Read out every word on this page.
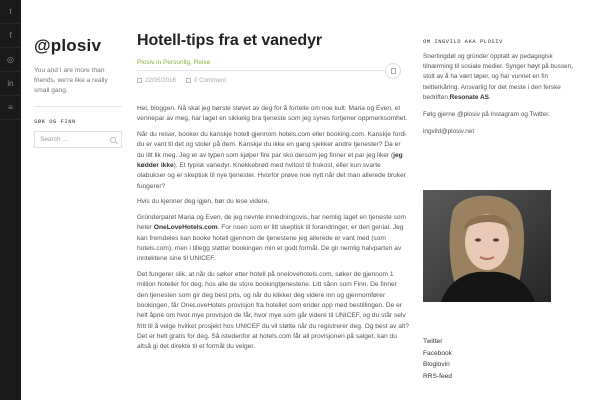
t
f
◎
in
≡
@plosiv
You and I are more than friends, we're like a really small gang.
SØK OG FINN
Search ...
Hotell-tips fra et vanedyr
Plosiv in Personlig, Reise
22/05/2016	0 Comment

Hei, bloggen. Nå skal jeg børste støvet av deg for å fortelle om noe kult. Maria og Even, et vennepar av meg, har laget en sikkelig bra tjeneste som jeg synes fortjener oppmerksomhet.

Når du reiser, booker du kanskje hotell gjennom hotels.com eller booking.com. Kanskje fordi du er vant til det og stoler på dem. Kanskje du ikke en gang sjekker andre tjenester? Da er du litt lik meg. Jeg er av typen som kjøper fire par sko dersom jeg finner et par jeg liker (jeg kødder ikke). Et typisk vanedyr. Knekkebrød med hvitost til frokost, eller kun svarte olabukser og er skeptisk til nye tjenester. Hvorfor prøve noe nytt når det man allerede bruker fungerer?

Hvis du kjenner deg igjen, bør du lese videre.

Gründerparet Maria og Even, de jeg nevnte innledningsvis, har nemlig laget en tjeneste som heter OneLoveHotels.com. For noen som er litt skeptisk til forandringer, er den genial. Jeg kan fremdeles kan booke hotell gjennom de tjenestene jeg allerede er vant med (som hotels.com), men i tillegg støtter bookingen min et godt formål. De gir nemlig halvparten av inntektene sine til UNICEF.

Det fungerer slik, at når du søker etter hotell på onelovehotels.com, søker de gjennom 1 million hoteller for deg, hos alle de store bookingtjenestene. Litt sånn som Finn. De finner den tjenesten som gir deg best pris, og når du klikker deg videre inn og gjennomfører bookingen, får OneLoveHotels provisjon fra hotellet som ender opp med bestillingen. De er helt åpne om hvor mye provisjon de får, hvor mye som går videre til UNICEF, og du står selv fritt til å velge hvilket prosjekt hos UNICEF du vil støtte når du registrerer deg. Og best av alt? Det er helt gratis for deg. Så istedenfor at hotels.com får all provisjonen på salget, kan du altså gi det direkte til et formål du velger.

OM INGVILD AKA PLOSIV
Snertingdøl og gründer opptatt av pedagogisk tilnærming til sosiale medier. Synger høyt på bussen, stolt av å ha vært løper, og har vunnet en fin twitterkåring. Ansvarlig for det meste i den ferske bedriften Resonate AS.
Følg gjerne @plosiv på Instagram og Twitter.
ingvild@plosiv.net
Twitter
Facebook
Bloglovin
RRS-feed
